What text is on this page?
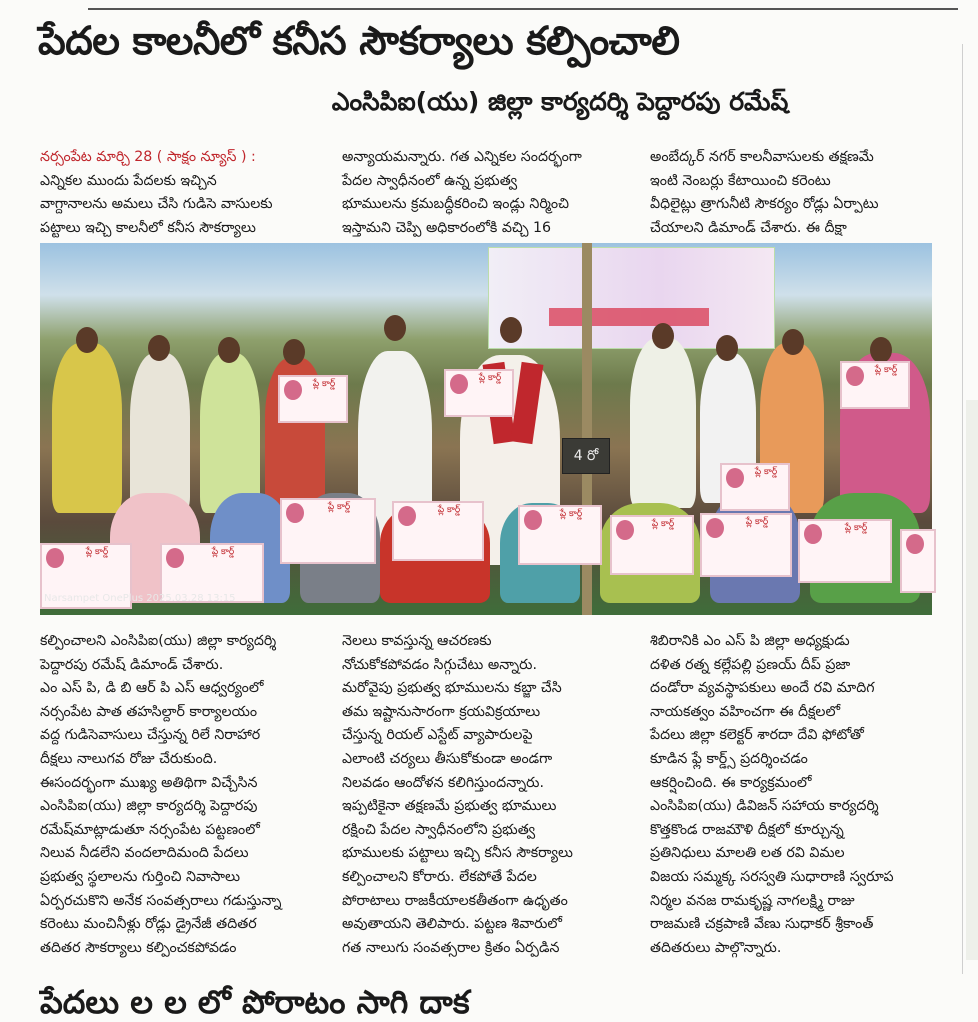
పేదల కాలనీలో కనీస సౌకర్యాలు కల్పించాలి
ఎంసిపిఐ(యు) జిల్లా కార్యదర్శి పెద్దారపు రమేష్

నర్సంపేట మార్చి 28 ( సాక్షం న్యూస్ ) :

ఎన్నికల ముందు పేదలకు ఇచ్చిన

వాగ్దానాలను అమలు చేసి గుడిసె వాసులకు

పట్టాలు ఇచ్చి కాలనీలో కనీస సౌకర్యాలు

అన్యాయమన్నారు. గత ఎన్నికల సందర్భంగా

పేదల స్వాధీనంలో ఉన్న ప్రభుత్వ

భూములను క్రమబద్ధీకరించి ఇండ్లు నిర్మించి

ఇస్తామని చెప్పి అధికారంలోకి వచ్చి 16

అంబేద్కర్ నగర్ కాలనీవాసులకు తక్షణమే

ఇంటి నెంబర్లు కేటాయించి కరెంటు

వీధిలైట్లు త్రాగునీటి సౌకర్యం రోడ్లు ఏర్పాటు

చేయాలని డిమాండ్ చేశారు. ఈ దీక్షా

4 రో
ప్లే కార్డ్	ప్లే కార్డ్
ప్లే కార్డ్	ప్లే కార్డ్	ప్లే కార్డ్
ప్లే కార్డ్	ప్లే కార్డ్
ప్లే కార్డ్
ప్లే కార్డ్
ప్లే కార్డ్
ప్లే కార్డ్
ప్లే కార్డ్
Narsampet OnePlus 2025.03.28 13:15

కల్పించాలని ఎంసిపిఐ(యు) జిల్లా కార్యదర్శి

పెద్దారపు రమేష్ డిమాండ్ చేశారు.

ఎం ఎస్ పి, డి బి ఆర్ పి ఎస్ ఆధ్వర్యంలో

నర్సంపేట పాత తహసిల్దార్ కార్యాలయం

వద్ద గుడిసెవాసులు చేస్తున్న రిలే నిరాహార

దీక్షలు నాలుగవ రోజు చేరుకుంది.

ఈసందర్భంగా ముఖ్య అతిథిగా విచ్చేసిన

ఎంసిపిఐ(యు) జిల్లా కార్యదర్శి పెద్దారపు

రమేష్‌మాట్లాడుతూ నర్సంపేట పట్టణంలో

నిలువ నీడలేని వందలాదిమంది పేదలు

ప్రభుత్వ స్థలాలను గుర్తించి నివాసాలు

ఏర్పరచుకొని అనేక సంవత్సరాలు గడుస్తున్నా

కరెంటు మంచినీళ్లు రోడ్లు డ్రైనేజీ తదితర

తదితర సౌకర్యాలు కల్పించకపోవడం

నెలలు కావస్తున్న ఆచరణకు

నోచుకోకపోవడం సిగ్గుచేటు అన్నారు.

మరోవైపు ప్రభుత్వ భూములను కబ్జా చేసి

తమ ఇష్టానుసారంగా క్రయవిక్రయాలు

చేస్తున్న రియల్ ఎస్టేట్ వ్యాపారులపై

ఎలాంటి చర్యలు తీసుకోకుండా అండగా

నిలవడం ఆందోళన కలిగిస్తుందన్నారు.

ఇప్పటికైనా తక్షణమే ప్రభుత్వ భూములు

రక్షించి పేదల స్వాధీనంలోని ప్రభుత్వ

భూములకు పట్టాలు ఇచ్చి కనీస సౌకర్యాలు

కల్పించాలని కోరారు. లేకపోతే పేదల

పోరాటాలు రాజకీయాలకతీతంగా ఉధృతం

అవుతాయని తెలిపారు. పట్టణ శివారులో

గత నాలుగు సంవత్సరాల క్రితం ఏర్పడిన

శిబిరానికి ఎం ఎస్ పి జిల్లా అధ్యక్షుడు

దళిత రత్న కల్లేపల్లి ప్రణయ్ దీప్ ప్రజా

దండోరా వ్యవస్థాపకులు అందే రవి మాదిగ

నాయకత్వం వహించగా ఈ దీక్షలలో

పేదలు జిల్లా కలెక్టర్ శారదా దేవి ఫోటోతో

కూడిన ఫ్లే కార్డ్స్ ప్రదర్శించడం

ఆకర్షించింది. ఈ కార్యక్రమంలో

ఎంసిపిఐ(యు) డివిజన్ సహాయ కార్యదర్శి

కొత్తకొండ రాజమౌళి దీక్షలో కూర్చున్న

ప్రతినిధులు మాలతి లత రవి విమల

విజయ సమ్మక్క సరస్వతి సుధారాణి స్వరూప

నిర్మల వనజ రామకృష్ణ నాగలక్ష్మి రాజు

రాజమణి చక్రపాణి వేణు సుధాకర్ శ్రీకాంత్

తదితరులు పాల్గొన్నారు.

పేదలు ల ల లో పోరాటం సాగి దాక
